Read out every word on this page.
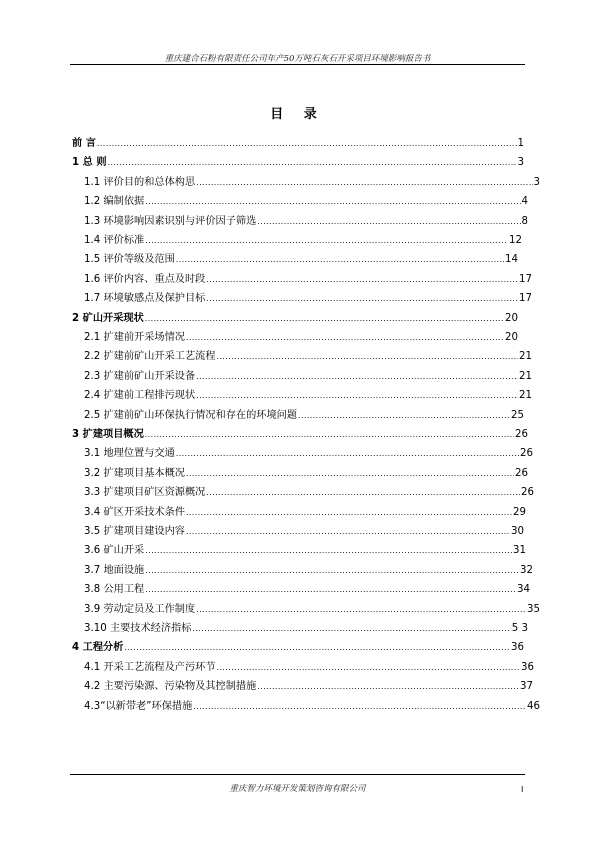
重庆建合石粉有限责任公司年产50万吨石灰石开采项目环境影响报告书
目 录
前 言 .....	1
1 总 则 .....	3
1.1 评价目的和总体构思 .....	3
1.2 编制依据 .....	4
1.3 环境影响因素识别与评价因子筛选 .....	8
1.4 评价标准 .....	12
1.5 评价等级及范围 .....	14
1.6 评价内容、重点及时段 .....	17
1.7 环境敏感点及保护目标 .....	17
2 矿山开采现状 .....	20
2.1 扩建前开采场情况 .....	20
2.2 扩建前矿山开采工艺流程 .....	21
2.3 扩建前矿山开采设备 .....	21
2.4 扩建前工程排污现状 .....	21
2.5 扩建前矿山环保执行情况和存在的环境问题 .....	25
3 扩建项目概况 .....	26
3.1 地理位置与交通 .....	26
3.2 扩建项目基本概况 .....	26
3.3 扩建项目矿区资源概况 .....	26
3.4 矿区开采技术条件 .....	29
3.5 扩建项目建设内容 .....	30
3.6 矿山开采 .....	31
3.7 地面设施 .....	32
3.8 公用工程 .....	34
3.9 劳动定员及工作制度 .....	35
3.10 主要技术经济指标 .....	5 3
4 工程分析 .....	36
4.1 开采工艺流程及产污环节 .....	36
4.2 主要污染源、污染物及其控制措施 .....	37
4.3“以新带老”环保措施 .....	46
重庆智力环境开发策划咨询有限公司	I
